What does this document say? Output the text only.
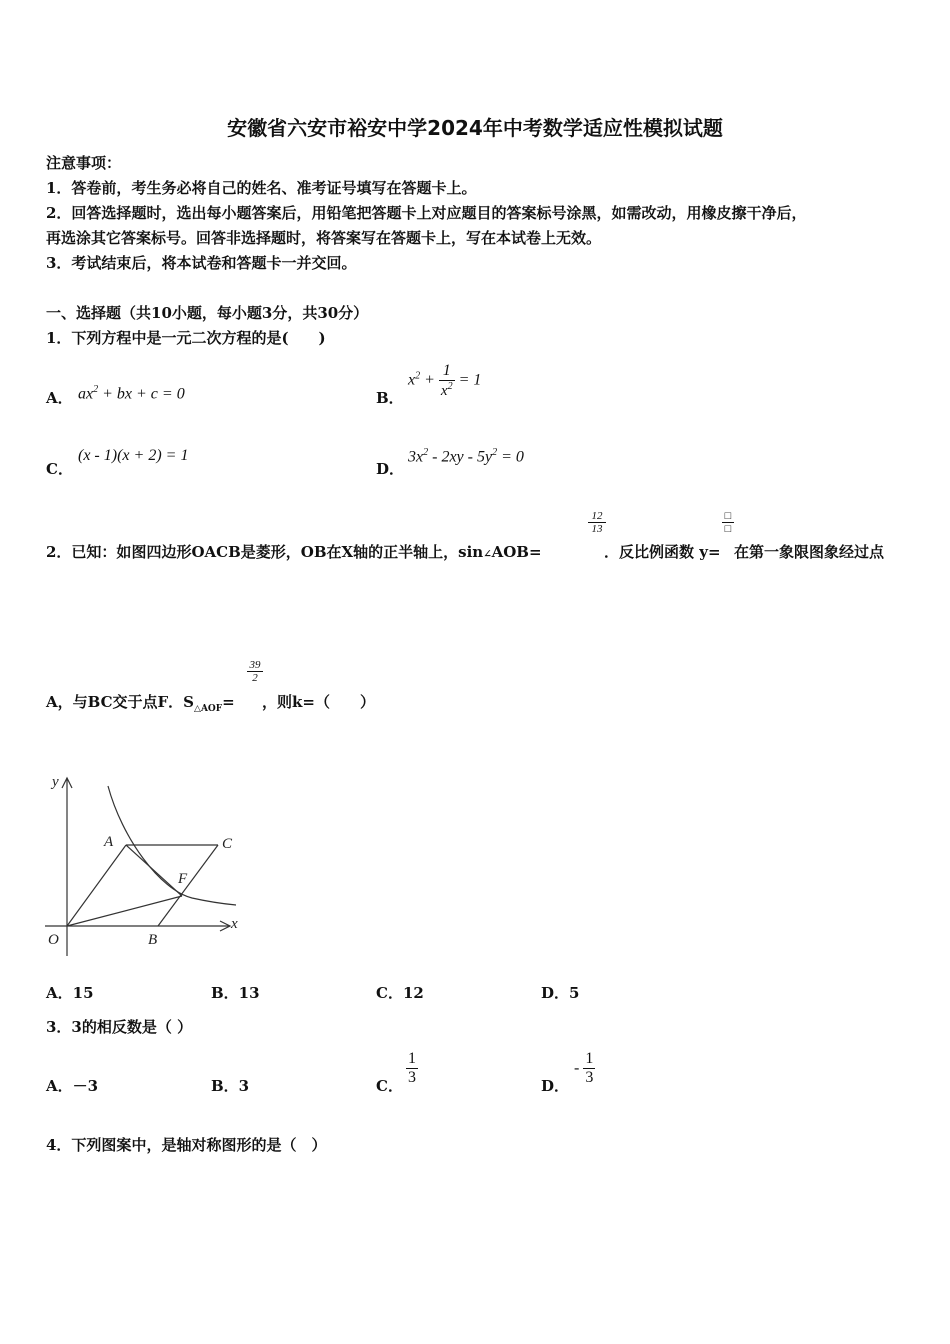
安徽省六安市裕安中学2024年中考数学适应性模拟试题
注意事项：
1．答卷前，考生务必将自己的姓名、准考证号填写在答题卡上。
2．回答选择题时，选出每小题答案后，用铅笔把答题卡上对应题目的答案标号涂黑，如需改动，用橡皮擦干净后，
再选涂其它答案标号。回答非选择题时，将答案写在答题卡上，写在本试卷上无效。
3．考试结束后，将本试卷和答题卡一并交回。
一、选择题（共10小题，每小题3分，共30分）
1．下列方程中是一元二次方程的是(　　)
A． $ax^2$ + bx + c = 0	B．
$x^2 + \frac{1}{x^2} = 1$
C．
(x - 1)(x + 2) = 1
D．
$3x^2 - 2xy - 5y^2 = 0$
2．已知：如图四边形OACB是菱形，OB在X轴的正半轴上，sin∠AOB=
$\frac{12}{13}$
．反比例函数 y=
□
□
在第一象限图象经过点
A，与BC交于点F．$S_{\triangle AOF}=$
$\frac{39}{2}$
，则k=（　　）
y
x
O
A	C
F
B
A．15	B．13	C．12	D．5
3．3的相反数是（ ）
A．－3	B．3	C． $\frac{1}{3}$	D．
- $\frac{1}{3}$
4．下列图案中，是轴对称图形的是（　）
